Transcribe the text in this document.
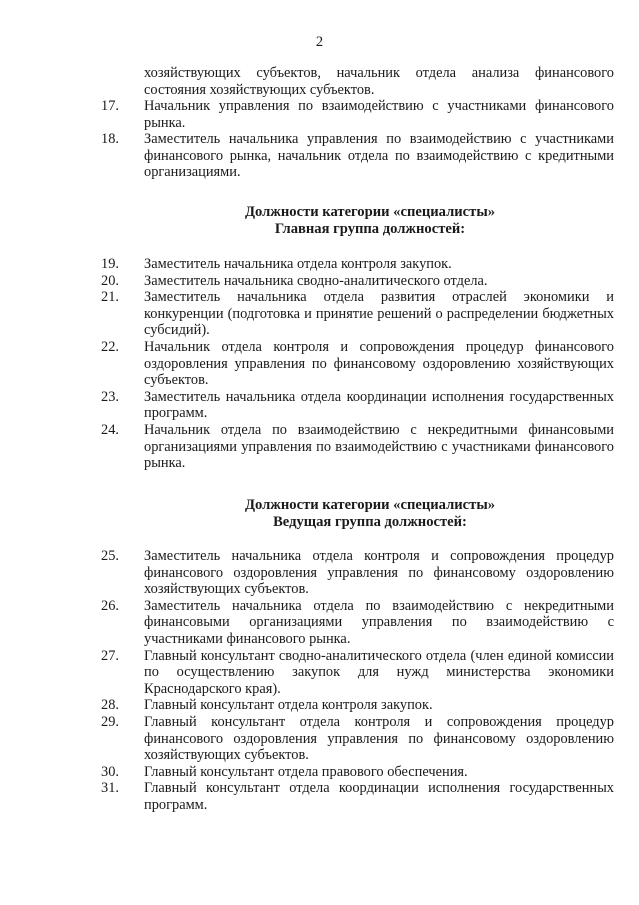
2
хозяйствующих субъектов, начальник отдела анализа финансового состояния хозяйствующих субъектов.
17. Начальник управления по взаимодействию с участниками финансового рынка.
18. Заместитель начальника управления по взаимодействию с участниками финансового рынка, начальник отдела по взаимодействию с кредитными организациями.
Должности категории «специалисты»
Главная группа должностей:
19. Заместитель начальника отдела контроля закупок.
20. Заместитель начальника сводно-аналитического отдела.
21. Заместитель начальника отдела развития отраслей экономики и конкуренции (подготовка и принятие решений о распределении бюджетных субсидий).
22. Начальник отдела контроля и сопровождения процедур финансового оздоровления управления по финансовому оздоровлению хозяйствующих субъектов.
23. Заместитель начальника отдела координации исполнения государственных программ.
24. Начальник отдела по взаимодействию с некредитными финансовыми организациями управления по взаимодействию с участниками финансового рынка.
Должности категории «специалисты»
Ведущая группа должностей:
25. Заместитель начальника отдела контроля и сопровождения процедур финансового оздоровления управления по финансовому оздоровлению хозяйствующих субъектов.
26. Заместитель начальника отдела по взаимодействию с некредитными финансовыми организациями управления по взаимодействию с участниками финансового рынка.
27. Главный консультант сводно-аналитического отдела (член единой комиссии по осуществлению закупок для нужд министерства экономики Краснодарского края).
28. Главный консультант отдела контроля закупок.
29. Главный консультант отдела контроля и сопровождения процедур финансового оздоровления управления по финансовому оздоровлению хозяйствующих субъектов.
30. Главный консультант отдела правового обеспечения.
31. Главный консультант отдела координации исполнения государственных программ.
